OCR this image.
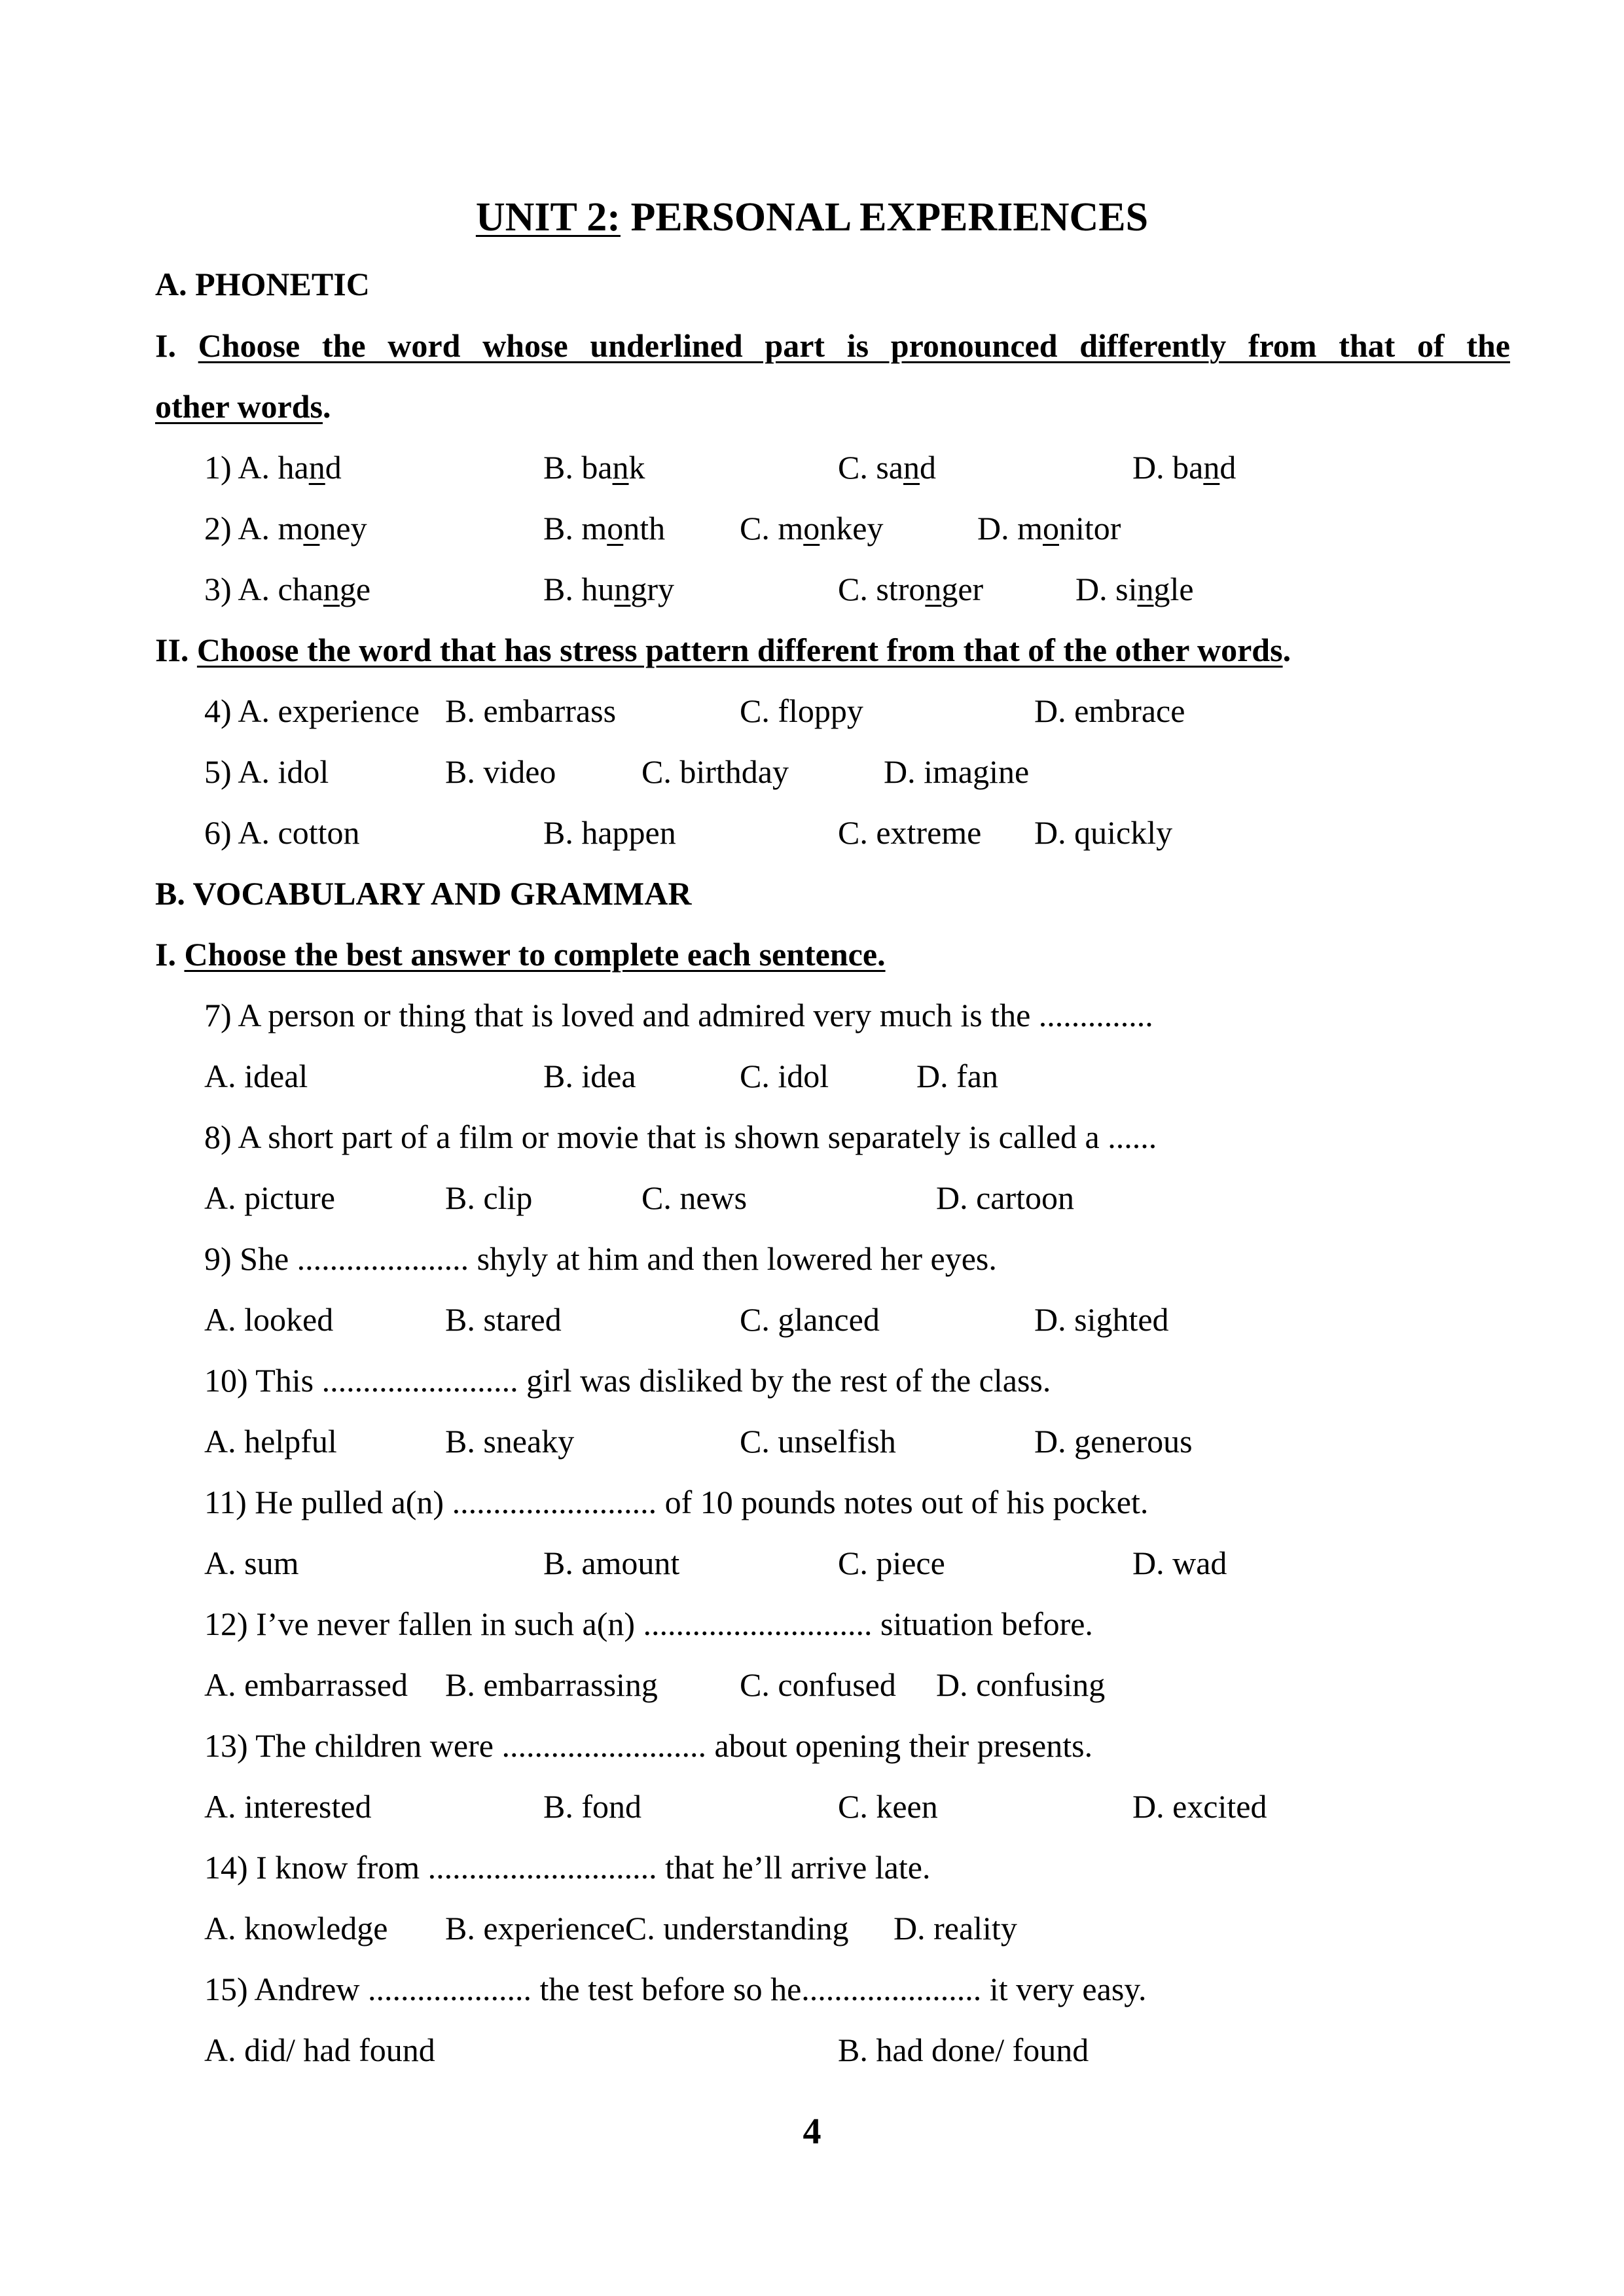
UNIT 2: PERSONAL EXPERIENCES
A. PHONETIC
I. Choose the word whose underlined part is pronounced differently from that of the
other words.
1) A. hand	B. bank	C. sand	D. band
2) A. money	B. month C. monkey	D. monitor
3) A. change	B. hungry	C. stronger	D. single
II. Choose the word that has stress pattern different from that of the other words.
4) A. experience B. embarrass	C. floppy	D. embrace
5) A. idol	B. video	C. birthday	D. imagine
6) A. cotton	B. happen	C. extreme D. quickly
B. VOCABULARY AND GRAMMAR
I. Choose the best answer to complete each sentence.
7) A person or thing that is loved and admired very much is the ..............
A. ideal	B. idea	C. idol	D. fan
8) A short part of a film or movie that is shown separately is called a ......
A. picture	B. clip	C. news	D. cartoon
9) She ..................... shyly at him and then lowered her eyes.
A. looked	B. stared	C. glanced	D. sighted
10) This ........................ girl was disliked by the rest of the class.
A. helpful	B. sneaky	C. unselfish	D. generous
11) He pulled a(n) ......................... of 10 pounds notes out of his pocket.
A. sum	B. amount	C. piece	D. wad
12) I’ve never fallen in such a(n) ............................ situation before.
A. embarrassed B. embarrassing	C. confused D. confusing
13) The children were ......................... about opening their presents.
A. interested	B. fond	C. keen	D. excited
14) I know from ............................ that he’ll arrive late.
A. knowledge B. experienceC. understanding D. reality
15) Andrew .................... the test before so he...................... it very easy.
A. did/ had found	B. had done/ found
4
